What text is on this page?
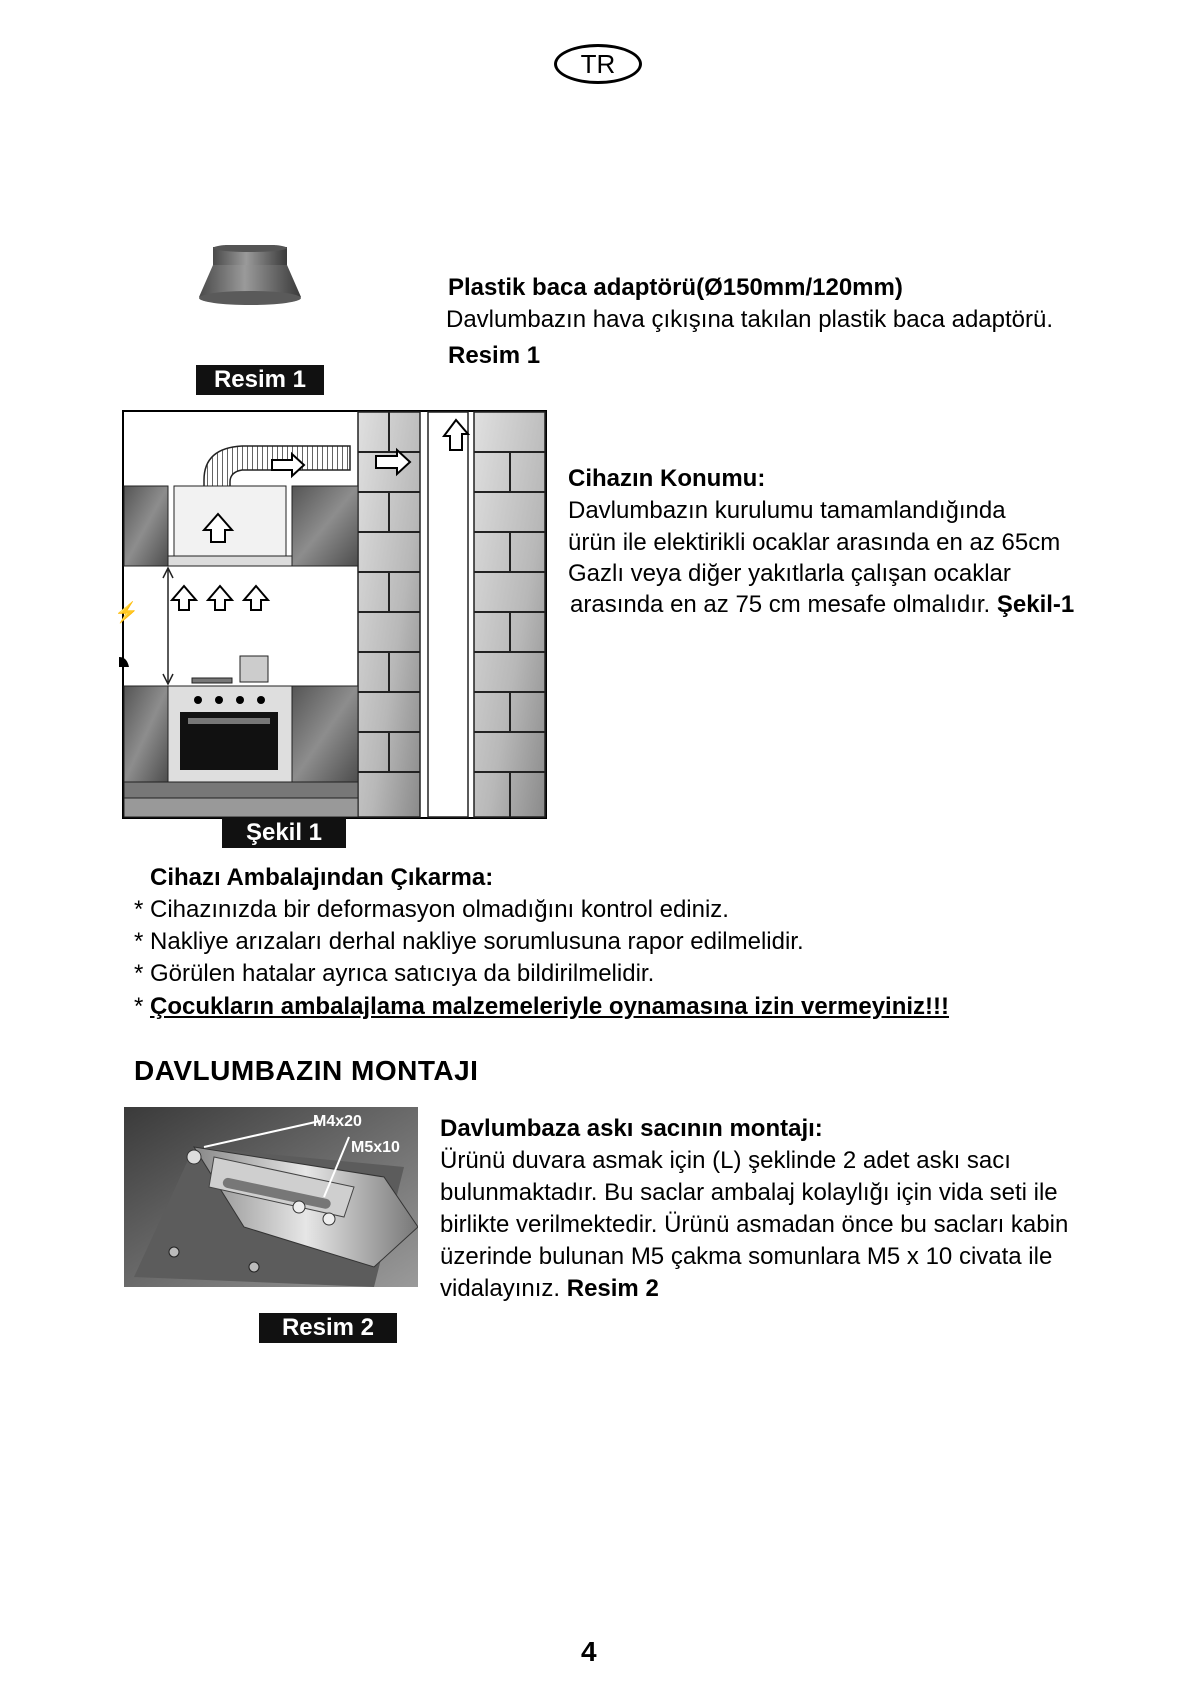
TR
Resim 1
Plastik baca adaptörü(Ø150mm/120mm)
Davlumbazın hava çıkışına takılan plastik baca adaptörü.
Resim 1
⚡
Şekil 1
Cihazın Konumu:
Davlumbazın kurulumu tamamlandığında
ürün ile elektirikli ocaklar arasında en az 65cm
Gazlı veya diğer yakıtlarla çalışan ocaklar
arasında en az 75 cm mesafe olmalıdır. Şekil-1
Cihazı Ambalajından Çıkarma:
* Cihazınızda bir deformasyon olmadığını kontrol ediniz.
* Nakliye arızaları derhal nakliye sorumlusuna rapor edilmelidir.
* Görülen hatalar ayrıca satıcıya da bildirilmelidir.
* Çocukların ambalajlama malzemeleriyle oynamasına izin vermeyiniz!!!
DAVLUMBAZIN MONTAJI
M4x20
M5x10
Resim 2
Davlumbaza askı sacının montajı:
Ürünü duvara asmak için (L) şeklinde 2 adet askı sacı
bulunmaktadır. Bu saclar ambalaj kolaylığı için vida seti ile
birlikte verilmektedir. Ürünü asmadan önce bu sacları kabin
üzerinde bulunan M5 çakma somunlara M5 x 10 civata ile
vidalayınız. Resim 2
4
